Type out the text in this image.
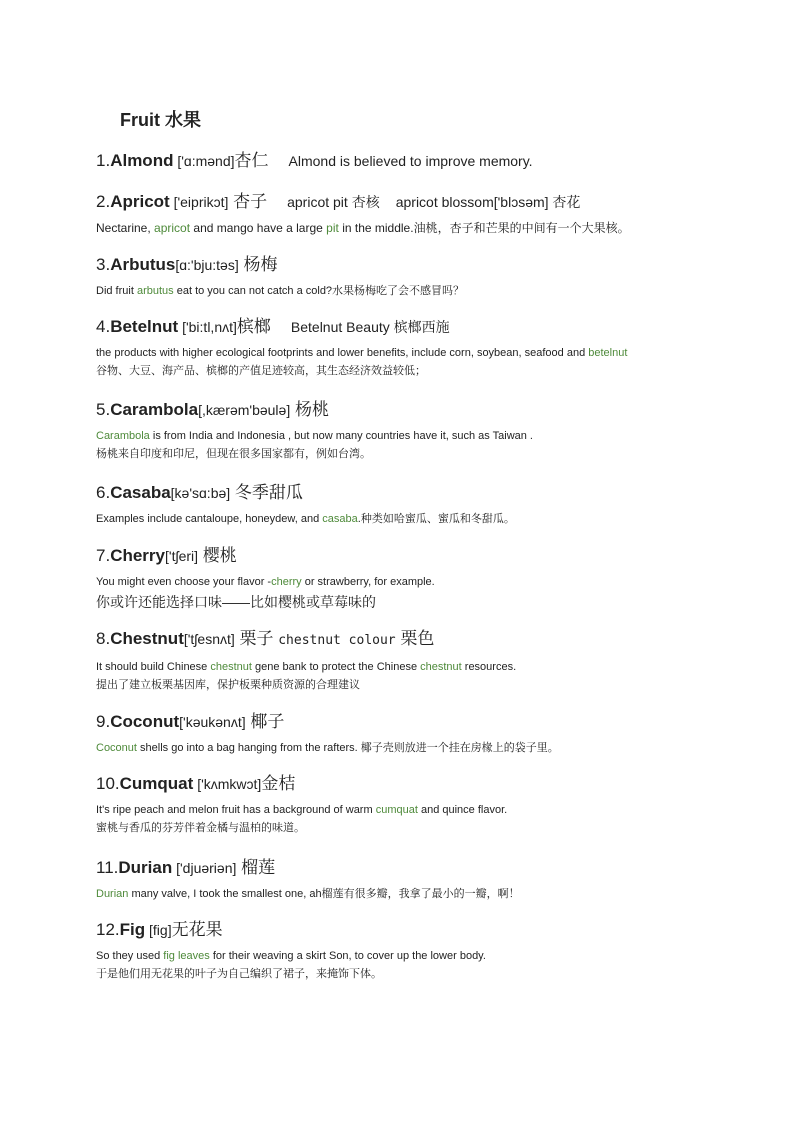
Fruit 水果
1.Almond ['ɑ:mənd]杏仁 Almond is believed to improve memory.
2.Apricot ['eiprikɔt] 杏子 apricot pit 杏核 apricot blossom['blɔsəm] 杏花
Nectarine, apricot and mango have a large pit in the middle.油桃，杏子和芒果的中间有一个大果核。
3.Arbutus[ɑ:'bju:təs] 杨梅
Did fruit arbutus eat to you can not catch a cold?水果杨梅吃了会不感冒吗？
4.Betelnut ['bi:tl,nʌt]槟榔 Betelnut Beauty 槟榔西施
the products with higher ecological footprints and lower benefits, include corn, soybean, seafood and betelnut
谷物、大豆、海产品、槟榔的产值足迹较高，其生态经济效益较低；
5.Carambola[,kærəm'bəulə] 杨桃
Carambola is from India and Indonesia , but now many countries have it, such as Taiwan .
杨桃来自印度和印尼，但现在很多国家都有，例如台湾。
6.Casaba[kə'sɑ:bə] 冬季甜瓜
Examples include cantaloupe, honeydew, and casaba.种类如哈蜜瓜、蜜瓜和冬甜瓜。
7.Cherry['tʃeri] 樱桃
You might even choose your flavor -cherry or strawberry, for example.
你或许还能选择口味——比如樱桃或草莓味的
8.Chestnut['tʃesnʌt] 栗子 chestnut colour 栗色
It should build Chinese chestnut gene bank to protect the Chinese chestnut resources.
提出了建立板栗基因库，保护板栗种质资源的合理建议
9.Coconut['kəukənʌt] 椰子
Coconut shells go into a bag hanging from the rafters. 椰子壳则放进一个挂在房椽上的袋子里。
10.Cumquat ['kʌmkwɔt]金桔
It's ripe peach and melon fruit has a background of warm cumquat and quince flavor.
蜜桃与香瓜的芬芳伴着金橘与温柏的味道。
11.Durian ['djuəriən] 榴莲
Durian many valve, I took the smallest one, ah榴莲有很多瓣，我拿了最小的一瓣，啊！
12.Fig [fiɡ]无花果
So they used fig leaves for their weaving a skirt Son, to cover up the lower body.
于是他们用无花果的叶子为自己编织了裙子，来掩饰下体。
